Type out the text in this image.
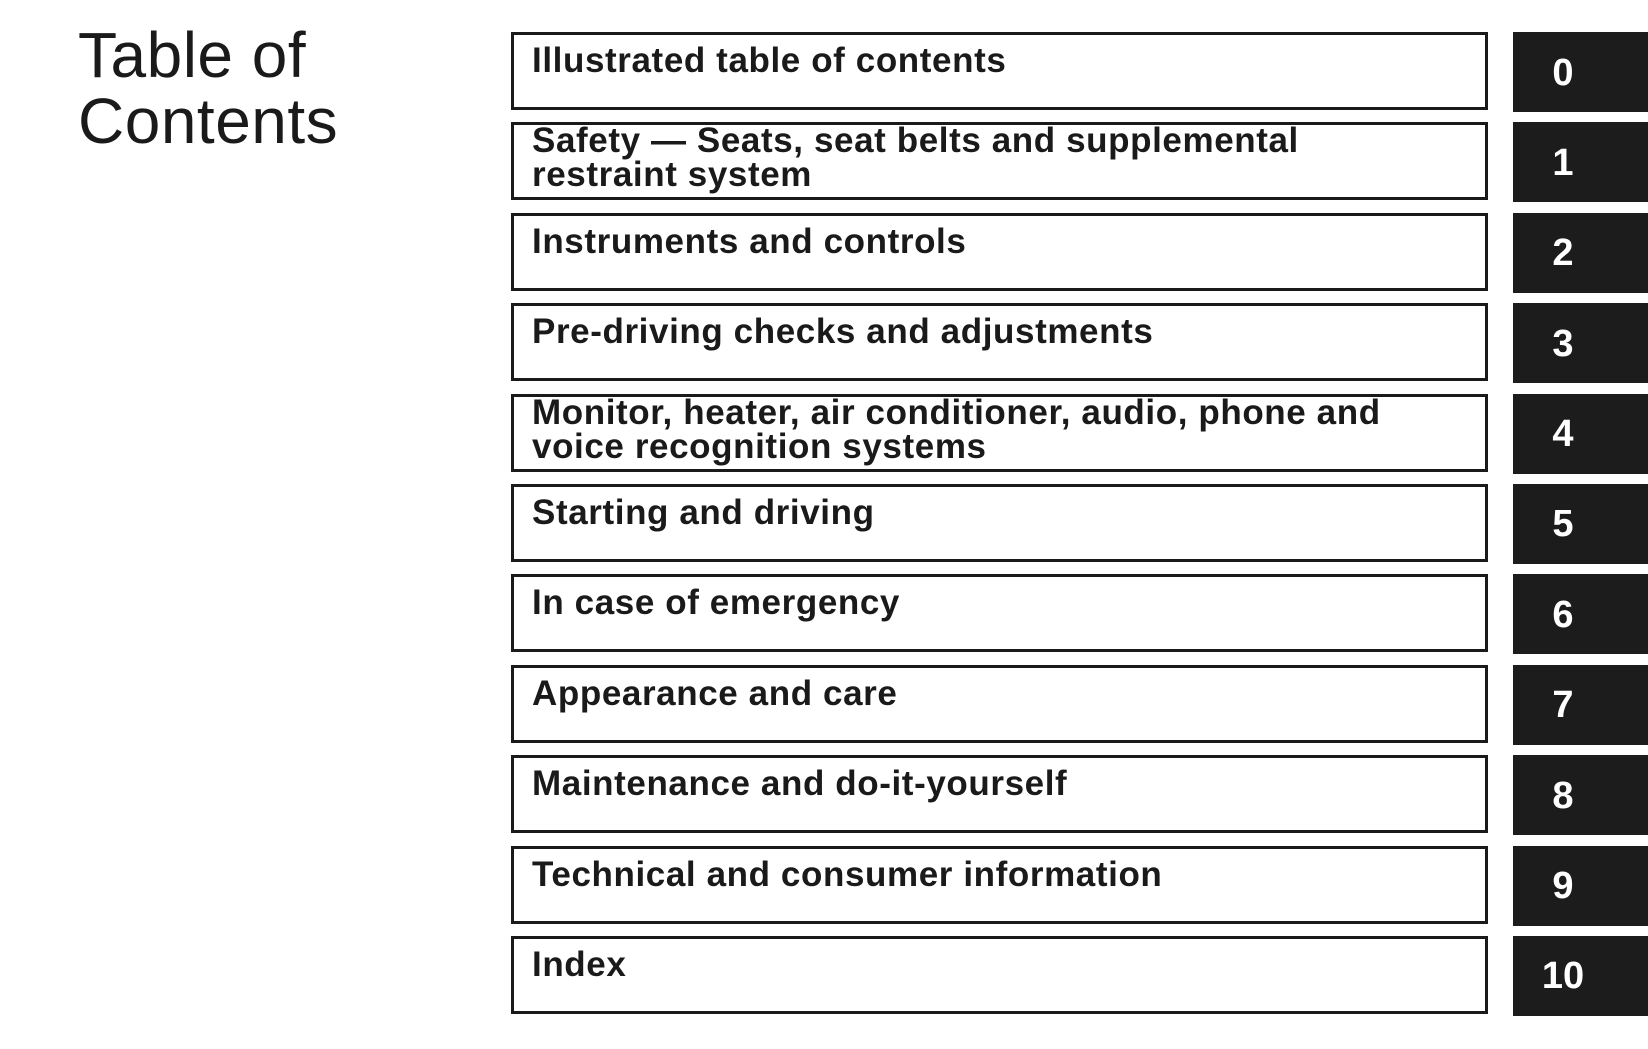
Table of
Contents
Illustrated table of contents	0
Safety — Seats, seat belts and supplemental
restraint system	1
Instruments and controls	2
Pre-driving checks and adjustments	3
Monitor, heater, air conditioner, audio, phone and
voice recognition systems	4
Starting and driving	5
In case of emergency	6
Appearance and care	7
Maintenance and do-it-yourself	8
Technical and consumer information	9
Index	10
